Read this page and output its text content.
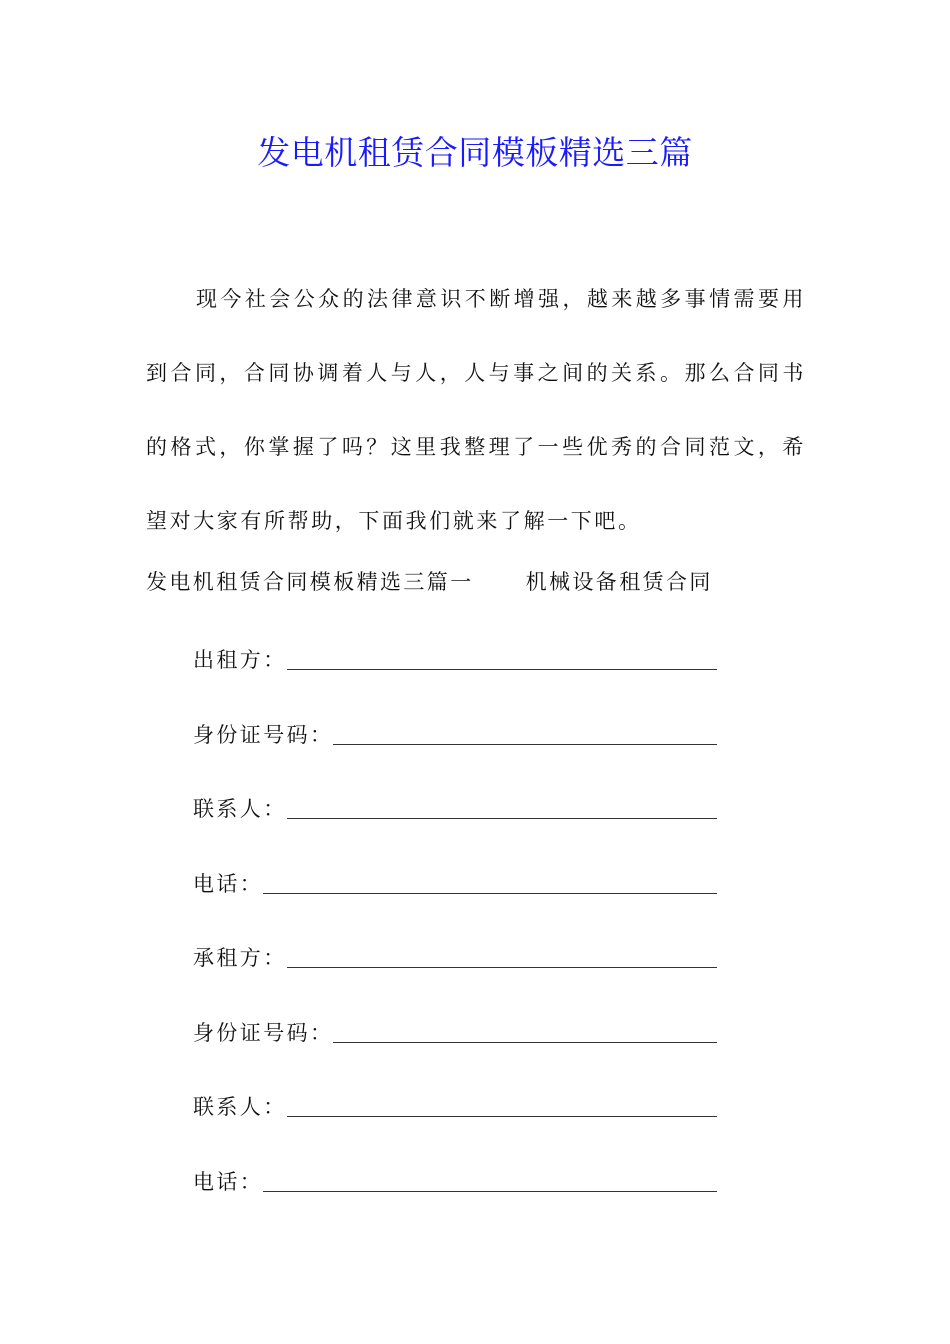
发电机租赁合同模板精选三篇

现今社会公众的法律意识不断增强，越来越多事情需要用到合同，合同协调着人与人，人与事之间的关系。那么合同书的格式，你掌握了吗？这里我整理了一些优秀的合同范文，希望对大家有所帮助，下面我们就来了解一下吧。

发电机租赁合同模板精选三篇一 机械设备租赁合同
出租方：
身份证号码：
联系人：
电话：
承租方：
身份证号码：
联系人：
电话：
